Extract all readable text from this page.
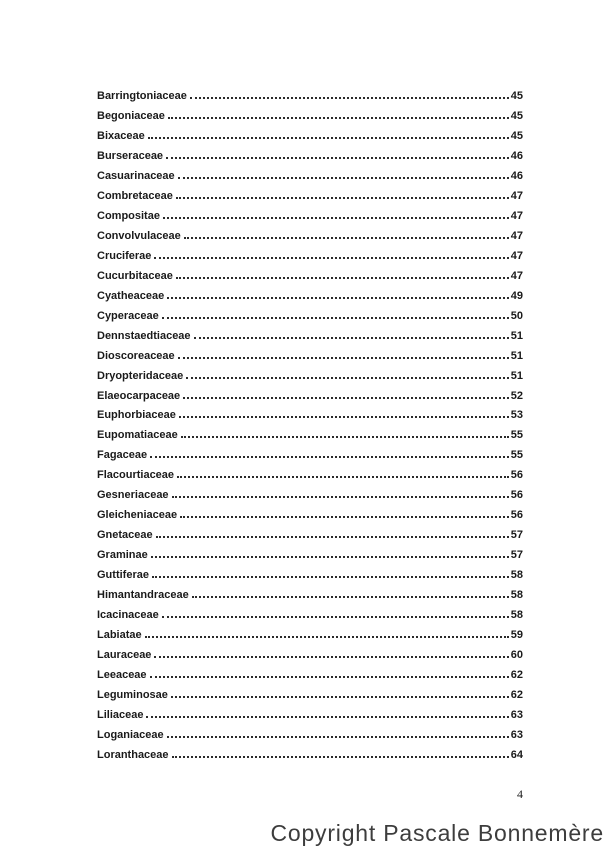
Barringtoniaceae	45
Begoniaceae	45
Bixaceae	45
Burseraceae	46
Casuarinaceae	46
Combretaceae	47
Compositae	47
Convolvulaceae	47
Cruciferae	47
Cucurbitaceae	47
Cyatheaceae	49
Cyperaceae	50
Dennstaedtiaceae	51
Dioscoreaceae	51
Dryopteridaceae	51
Elaeocarpaceae	52
Euphorbiaceae	53
Eupomatiaceae	55
Fagaceae	55
Flacourtiaceae	56
Gesneriaceae	56
Gleicheniaceae	56
Gnetaceae	57
Graminae	57
Guttiferae	58
Himantandraceae	58
Icacinaceae	58
Labiatae	59
Lauraceae	60
Leeaceae	62
Leguminosae	62
Liliaceae	63
Loganiaceae	63
Loranthaceae	64
4
Copyright Pascale Bonnemère
